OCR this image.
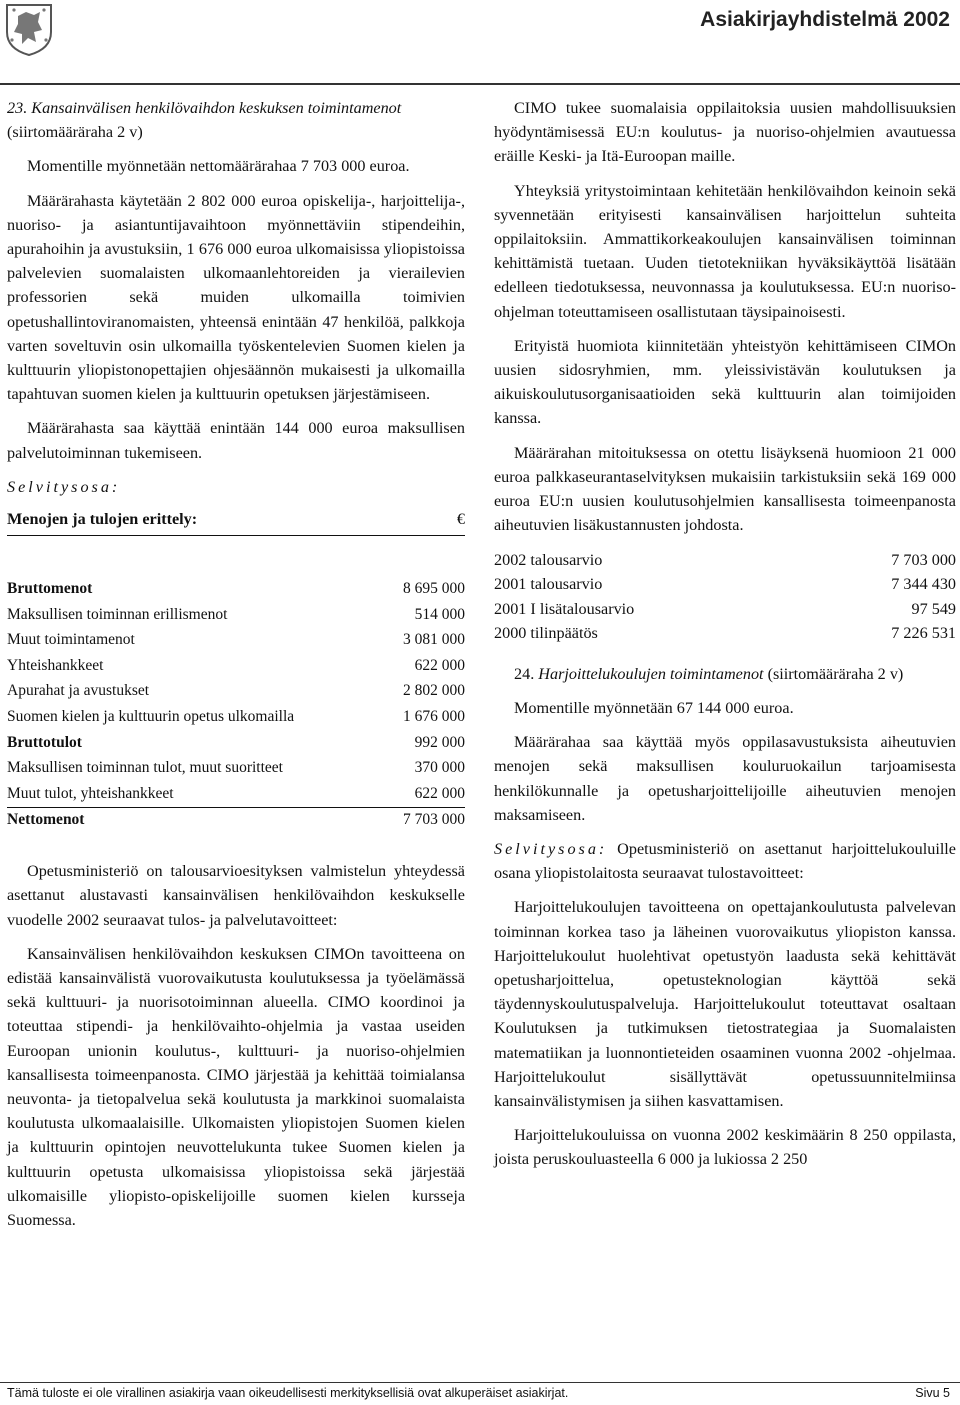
Asiakirjayhdistelmä 2002

23. Kansainvälisen henkilövaihdon keskuksen toimintamenot (siirtomääräraha 2 v)

Momentille myönnetään nettomäärärahaa 7 703 000 euroa.

Määrärahasta käytetään 2 802 000 euroa opiskelija-, harjoittelija-, nuoriso- ja asiantuntijavaihtoon myönnettäviin stipendeihin, apurahoihin ja avustuksiin, 1 676 000 euroa ulkomaisissa yliopistoissa palvelevien suomalaisten ulkomaanlehtoreiden ja vierailevien professorien sekä muiden ulkomailla toimivien opetushallintoviranomaisten, yhteensä enintään 47 henkilöä, palkkoja varten soveltuvin osin ulkomailla työskentelevien Suomen kielen ja kulttuurin yliopistonopettajien ohjesäännön mukaisesti ja ulkomailla tapahtuvan suomen kielen ja kulttuurin opetuksen järjestämiseen.

Määrärahasta saa käyttää enintään 144 000 euroa maksullisen palvelutoiminnan tukemiseen.

Selvitysosa:

Menojen ja tulojen erittely:	€
Bruttomenot	8 695 000
Maksullisen toiminnan erillismenot	514 000
Muut toimintamenot	3 081 000
Yhteishankkeet	622 000
Apurahat ja avustukset	2 802 000
Suomen kielen ja kulttuurin opetus ulkomailla	1 676 000
Bruttotulot	992 000
Maksullisen toiminnan tulot, muut suoritteet	370 000
Muut tulot, yhteishankkeet	622 000
Nettomenot	7 703 000

Opetusministeriö on talousarvioesityksen valmistelun yhteydessä asettanut alustavasti kansainvälisen henkilövaihdon keskukselle vuodelle 2002 seuraavat tulos- ja palvelutavoitteet:

Kansainvälisen henkilövaihdon keskuksen CIMOn tavoitteena on edistää kansainvälistä vuorovaikutusta koulutuksessa ja työelämässä sekä kulttuuri- ja nuorisotoiminnan alueella. CIMO koordinoi ja toteuttaa stipendi- ja henkilövaihto-ohjelmia ja vastaa useiden Euroopan unionin koulutus-, kulttuuri- ja nuoriso-ohjelmien kansallisesta toimeenpanosta. CIMO järjestää ja kehittää toimialansa neuvonta- ja tietopalvelua sekä koulutusta ja markkinoi suomalaista koulutusta ulkomaalaisille. Ulkomaisten yliopistojen Suomen kielen ja kulttuurin opintojen neuvottelukunta tukee Suomen kielen ja kulttuurin opetusta ulkomaisissa yliopistoissa sekä järjestää ulkomaisille yliopisto-opiskelijoille suomen kielen kursseja Suomessa.

CIMO tukee suomalaisia oppilaitoksia uusien mahdollisuuksien hyödyntämisessä EU:n koulutus- ja nuoriso-ohjelmien avautuessa eräille Keski- ja Itä-Euroopan maille.

Yhteyksiä yritystoimintaan kehitetään henkilövaihdon keinoin sekä syvennetään erityisesti kansainvälisen harjoittelun suhteita oppilaitoksiin. Ammattikorkeakoulujen kansainvälisen toiminnan kehittämistä tuetaan. Uuden tietotekniikan hyväksikäyttöä lisätään edelleen tiedotuksessa, neuvonnassa ja koulutuksessa. EU:n nuoriso-ohjelman toteuttamiseen osallistutaan täysipainoisesti.

Erityistä huomiota kiinnitetään yhteistyön kehittämiseen CIMOn uusien sidosryhmien, mm. yleissivistävän koulutuksen ja aikuiskoulutusorganisaatioiden sekä kulttuurin alan toimijoiden kanssa.

Määrärahan mitoituksessa on otettu lisäyksenä huomioon 21 000 euroa palkkaseurantaselvityksen mukaisiin tarkistuksiin sekä 169 000 euroa EU:n uusien koulutusohjelmien kansallisesta toimeenpanosta aiheutuvien lisäkustannusten johdosta.

2002 talousarvio	7 703 000
2001 talousarvio	7 344 430
2001 I lisätalousarvio	97 549
2000 tilinpäätös	7 226 531

24. Harjoittelukoulujen toimintamenot (siirtomääräraha 2 v)

Momentille myönnetään 67 144 000 euroa.

Määrärahaa saa käyttää myös oppilasavustuksista aiheutuvien menojen sekä maksullisen kouluruokailun tarjoamisesta henkilökunnalle ja opetusharjoittelijoille aiheutuvien menojen maksamiseen.

Selvitysosa: Opetusministeriö on asettanut harjoittelukouluille osana yliopistolaitosta seuraavat tulostavoitteet:

Harjoittelukoulujen tavoitteena on opettajankoulutusta palvelevan toiminnan korkea taso ja läheinen vuorovaikutus yliopiston kanssa. Harjoittelukoulut huolehtivat opetustyön laadusta sekä kehittävät opetusharjoittelua, opetusteknologian käyttöä sekä täydennyskoulutuspalveluja. Harjoittelukoulut toteuttavat osaltaan Koulutuksen ja tutkimuksen tietostrategiaa ja Suomalaisten matematiikan ja luonnontieteiden osaaminen vuonna 2002 -ohjelmaa. Harjoittelukoulut sisällyttävät opetussuunnitelmiinsa kansainvälistymisen ja siihen kasvattamisen.

Harjoittelukouluissa on vuonna 2002 keskimäärin 8 250 oppilasta, joista peruskouluasteella 6 000 ja lukiossa 2 250

Tämä tuloste ei ole virallinen asiakirja vaan oikeudellisesti merkityksellisiä ovat alkuperäiset asiakirjat.	Sivu 5
